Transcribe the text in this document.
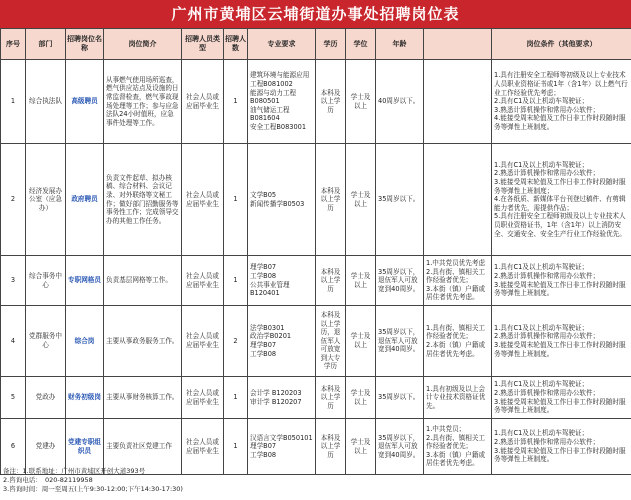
广州市黄埔区云埔街道办事处招聘岗位表
序号	部门	招聘岗位名称	岗位简介	招聘人员类型	招聘人数	专业要求	学历	学位	年龄		岗位条件（其他要求）
1	综合执法队	高级聘员	从事燃气使用场所巡查，燃气供应站点及设施的日常监督检查，燃气事故现场处理等工作；参与应急法队24小时值班，应急事件处理等工作。	社会人员或应届毕业生	1	建筑环境与能源应用工程B081002
能源与动力工程B080501
油气储运工程B081604
安全工程B083001	本科及以上学历	学士及以上	40周岁以下。		1.具有注册安全工程师等初级及以上专业技术人员职业资格证书或1年（含1年）以上燃气行业工作经验优先考虑；
2.具有C1及以上机动车驾驶证；
3.熟悉计算机操作和常用办公软件；
4.能接受周末轮值及工作日非工作时段随时服务等弹性上班制度。

2	经济发展办公室（应急办）	政府聘员	负责文件起草、拟办核稿、综合材料、会议记录、对外联络等文秘工作；做好部门招勤服务等事务性工作；完成领导交办的其他工作任务。	社会人员或应届毕业生	1	文学B05
新闻传播学B0503	本科及以上学历	学士及以上	35周岁以下。		1.具有C1及以上机动车驾驶证；
2.熟悉计算机操作和常用办公软件；
3.能接受周末轮值及工作日非工作时段随时服务等弹性上班制度；
4.在各纸质、新媒体平台刊登过稿件、有剪辑能力者优先，需提供作品；
5.具有注册安全工程师初级及以上专业技术人员职业资格证书，1年（含1年）以上消防安全、交通安全、安全生产行业工作经验优先。

3	综合事务中心	专职网格员	负责基层网格等工作。	社会人员或应届毕业生	1	理学B07
工学B08
公共事业管理B120401	本科及以上学历	学士及以上	35周岁以下，退伍军人可放宽到40周岁。	1.中共党员优先考虑
2.具有街、镇相关工作经验者优先；
3.本街（镇）户籍或居住者优先考虑。	1.具有C1及以上机动车驾驶证；
2.熟悉计算机操作和常用办公软件；
3.能接受周末轮值及工作日非工作时段随时服务等弹性上班制度。

4	党群服务中心	综合岗	主要从事政务服务工作。	社会人员或应届毕业生	2	法学B0301
政治学B0201
理学B07
工学B08	本科及以上学历，退伍军人可放宽到大专学历	学士及以上	35周岁以下，退伍军人可放宽到40周岁。	1.具有街、镇相关工作经验者优先；
2.本街（镇）户籍或居住者优先考虑。	1.具有C1及以上机动车驾驶证；
2.熟悉计算机操作和常用办公软件；
3.能接受周末轮值及工作日非工作时段随时服务等弹性上班制度。

5	党政办	财务初级岗	主要从事财务核算工作。	社会人员或应届毕业生	1	会计学 B120203
审计学 B120207	本科及以上学历	学士及以上	35周岁以下。	1.具有初级及以上会计专业技术资格证优先。	1.具有C1及以上机动车驾驶证；
2.熟悉计算机操作和常用办公软件；
3.能接受周末轮值及工作日非工作时段随时服务等弹性上班制度。

6	党建办	党建专职组织员	主要负责社区党建工作	社会人员或应届毕业生	1	汉语言文学B050101
理学B07
工学B08	本科及以上学历	学士及以上	35周岁以下，退伍军人可放宽到40周岁。	1.中共党员；
2.具有街、镇相关工作经验者优先；
3.本街（镇）户籍或居住者优先考虑。	1.具有C1及以上机动车驾驶证；
2.熟悉计算机操作和常用办公软件；
3.能接受周末轮值及工作日非工作时段随时服务等弹性上班制度。
备注：1.联系地址：广州市黄埔区开创大道393号
2.咨询电话：　020-82119958
3.咨询时间：周一至周五(上午9:30-12:00;下午14:30-17:30)
